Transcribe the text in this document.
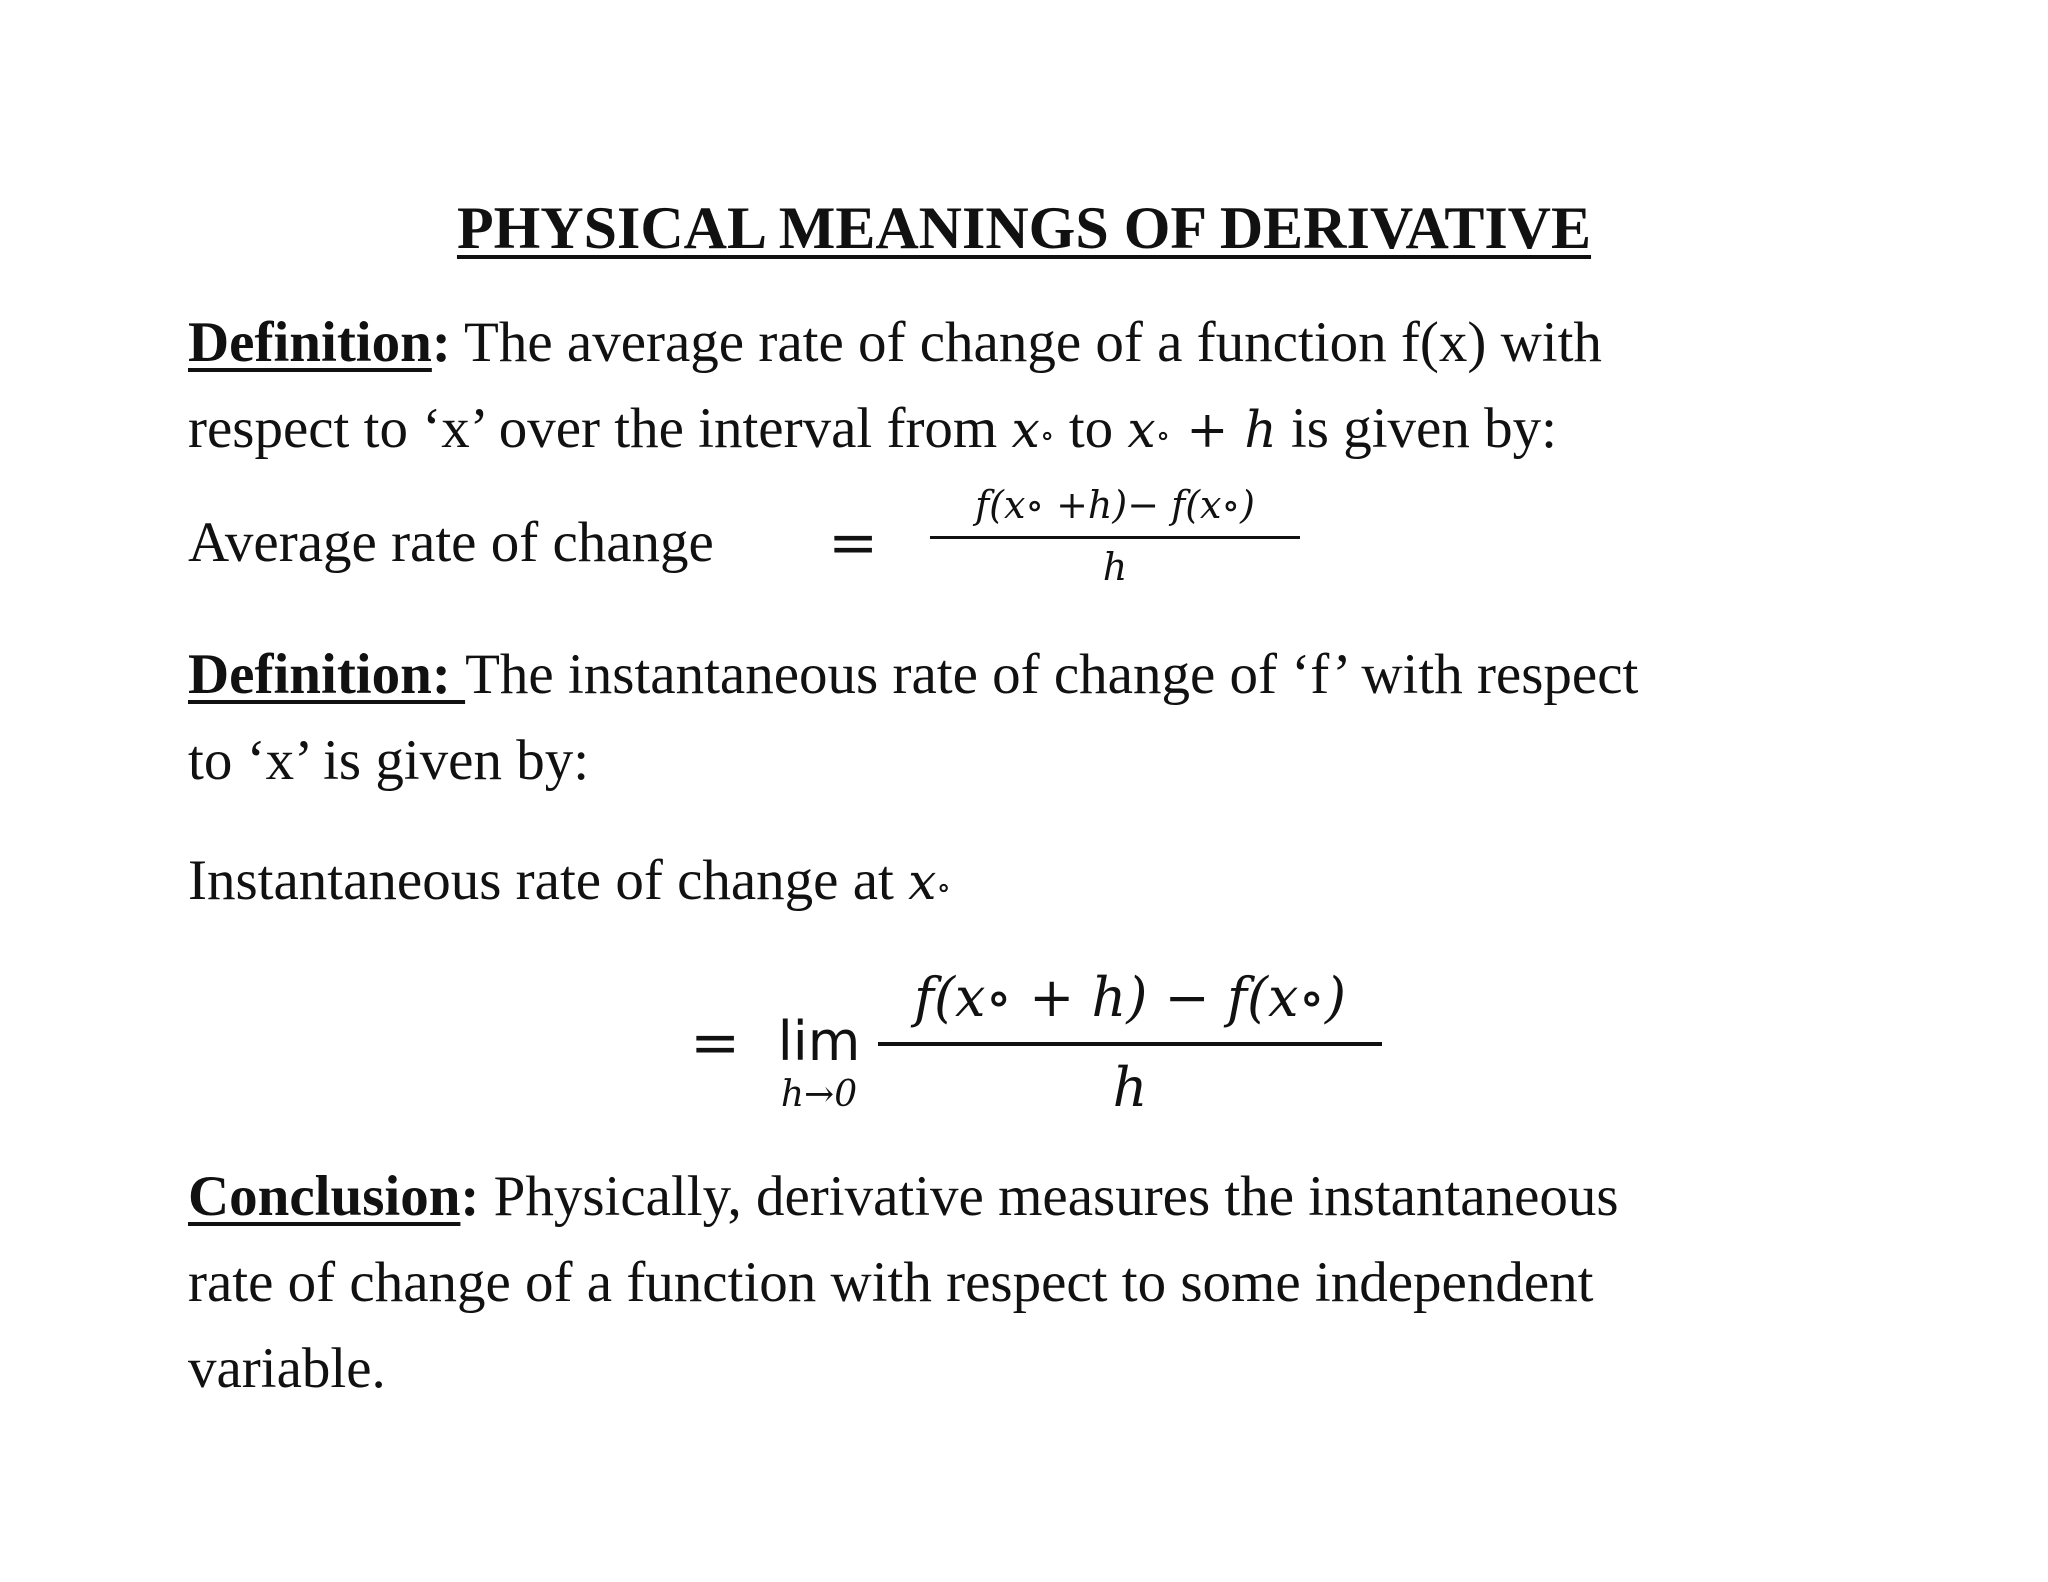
PHYSICAL MEANINGS OF DERIVATIVE
Definition: The average rate of change of a function f(x) with
respect to ‘x’ over the interval from x∘ to x∘ + h is given by:
Average rate of change =
f(x∘ +h)− f(x∘)
h
Definition: The instantaneous rate of change of ‘f’ with respect
to ‘x’ is given by:
Instantaneous rate of change at x∘
= lim
h→0
f(x∘ + h) − f(x∘)
h
Conclusion: Physically, derivative measures the instantaneous
rate of change of a function with respect to some independent
variable.
